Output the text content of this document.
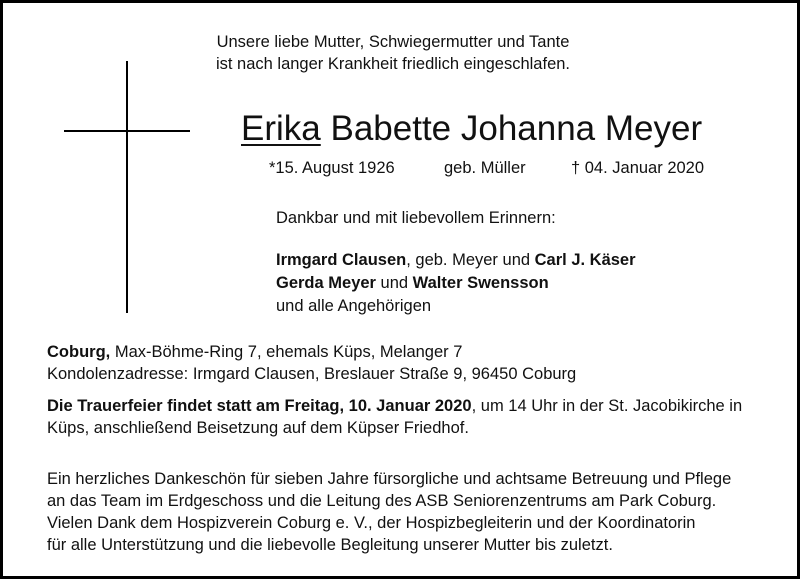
Unsere liebe Mutter, Schwiegermutter und Tante
ist nach langer Krankheit friedlich eingeschlafen.
Erika Babette Johanna Meyer
*15. August 1926	geb. Müller	† 04. Januar 2020
Dankbar und mit liebevollem Erinnern:
Irmgard Clausen, geb. Meyer und Carl J. Käser
Gerda Meyer und Walter Swensson
und alle Angehörigen
Coburg, Max-Böhme-Ring 7, ehemals Küps, Melanger 7
Kondolenzadresse: Irmgard Clausen, Breslauer Straße 9, 96450 Coburg
Die Trauerfeier findet statt am Freitag, 10. Januar 2020, um 14 Uhr in der St. Jacobikirche in
Küps, anschließend Beisetzung auf dem Küpser Friedhof.
Ein herzliches Dankeschön für sieben Jahre fürsorgliche und achtsame Betreuung und Pflege
an das Team im Erdgeschoss und die Leitung des ASB Seniorenzentrums am Park Coburg.
Vielen Dank dem Hospizverein Coburg e. V., der Hospizbegleiterin und der Koordinatorin
für alle Unterstützung und die liebevolle Begleitung unserer Mutter bis zuletzt.
